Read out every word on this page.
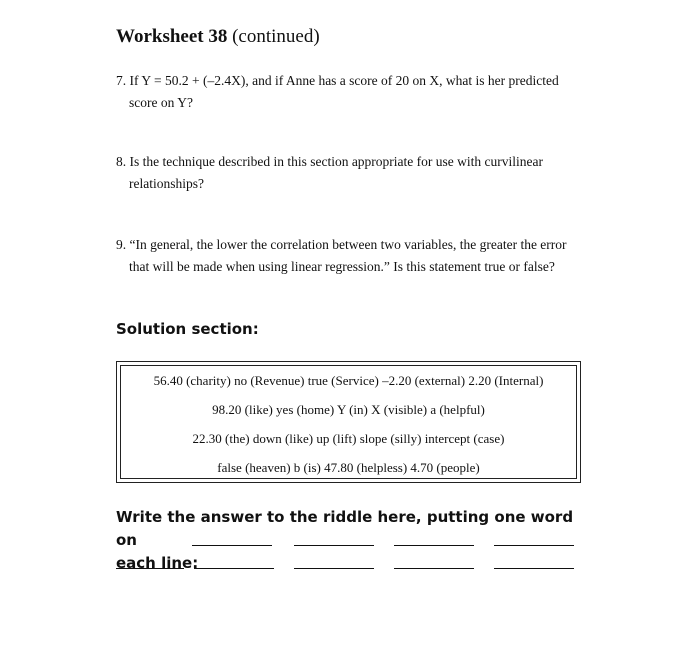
Worksheet 38 (continued)
7. If Y = 50.2 + (–2.4X), and if Anne has a score of 20 on X, what is her predicted
score on Y?
8. Is the technique described in this section appropriate for use with curvilinear
relationships?
9. “In general, the lower the correlation between two variables, the greater the error
that will be made when using linear regression.” Is this statement true or false?
Solution section:
56.40 (charity) no (Revenue) true (Service) –2.20 (external) 2.20 (Internal)
98.20 (like) yes (home) Y (in) X (visible) a (helpful)
22.30 (the) down (like) up (lift) slope (silly) intercept (case)
false (heaven) b (is) 47.80 (helpless) 4.70 (people)
Write the answer to the riddle here, putting one word on
each line:
